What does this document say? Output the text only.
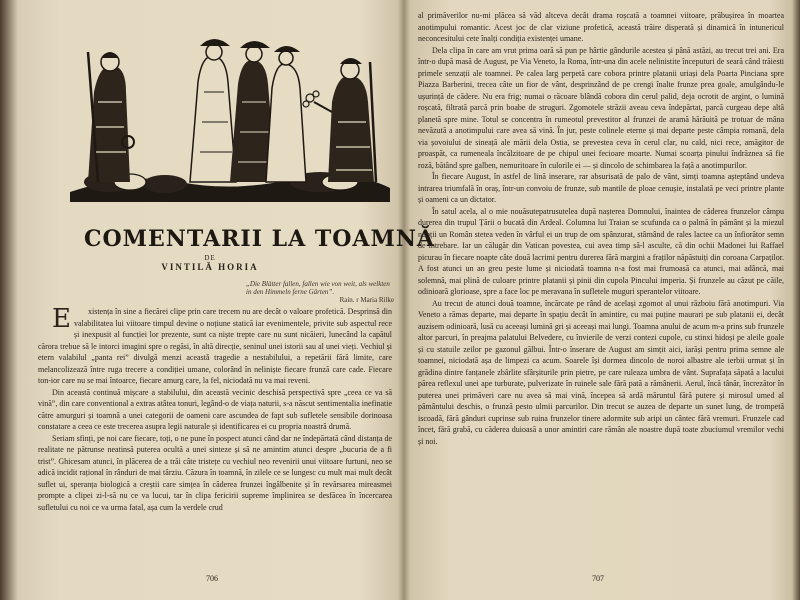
COMENTARII LA TOAMNĂ
DE
VINTILĂ HORIA
„Die Blätter fallen, fallen wie von weit, als welkten in den Himmeln ferne Gärten”.
Rain. r Maria Rilke

Existența în sine a fiecărei clipe prin care trecem nu are decât o valoare profetică. Desprinsă din valabilitatea lui viitoare timpul devine o noțiune statică iar evenimentele, privite sub aspectul rece și inexpusit al funcției lor prezente, sunt ca niște trepte care nu sunt nicăieri, lunecând la capătul cărora trebue să le intorci imagini spre o regăsi, în altă direcție, seninul unei istorii sau al unei vieți. Vechiul și etern valabilul „panta rei” divulgă menzi aceastǎ tragedie a nestabilului, a repetării fără limite, care melancolizează între ruga trecere a condiției umane, colorând în neliniște fiecare frunză care cade. Fiecare ton-ior care nu se mai întoarce, fiecare amurg care, la fel, niciodată nu va mai reveni.

Din această continuă mișcare a stabilului, din această vecinic deschisă perspectivă spre „ceea ce va să vină”, din care conventional a extras atâtea tonuri, legând-o de viața naturii, s-a născut sentimentalia inefinatie către amurguri și toamnă a unei categorii de oameni care ascundea de fapt sub sufletele sensibile dorinoasa constatare a ceea ce este trecerea asupra legii naturale și identificarea ei cu propria noastră drumă.

Seriam sfinți, pe noi care fiecare, toți, o ne pune în pospect atunci când dar ne îndepărtată când distanța de realitate ne pătrunse neatinsă puterea ocultă a unei sinteze și să ne amintim atunci despre „bucuria de a fi trist”. Ghicesam atunci, în plăcerea de a trăi câte tristețe cu vechiul neo revenirii unui viitoare furtuni, neo se adică incidit rațional în rânduri de mai târziu. Căzura în toamnă, în zilele ce se lungesc cu mult mai mult decât suflet ui, speranța biologică a creștii care simțea în căderea frunzei îngălbenite și în revărsarea mireasmei prompte a clipei zi-l-să nu ce va lucui, tar în clipa fericirii supreme împlinirea se desfăcea în încercarea sufletului cu noi ce va urma fatal, așa cum la verdele crud

706

al primăverilor nu-mi plăcea să văd altceva decât drama roșcată a toamnei viitoare, prăbușirea în moartea anotimpului romantic. Acest joc de clar viziune profetică, această trăire disperată și dinamică în intunericul neconcesitului cete înalți condiția existenței umane.

Dela clipa în care am vrut prima oară să pun pe hârtie gândurile acestea și până astăzi, au trecut trei ani. Era într-o după masă de August, pe Via Veneto, la Roma, într-una din acele nelinistite începuturi de seară când trăiesti primele senzații ale toamnei. Pe calea larg perpetă care cobora printre platanii uriași dela Poarta Pinciana spre Piazza Barberini, trecea câte un fior de vânt, desprinzând de pe crengi înalte frunze prea goale, amulgându-le ușurință de cădere. Nu era frig; numai o răcoare blândă cobora din cerul palid, deja ocrotit de argint, o lumină roșcată, filtrată parcă prin boabe de struguri. Zgomotele străzii aveau ceva îndepărtat, parcă curgeau depe altă planetă spre mine. Totul se concentra în rumeotul prevestitor al frunzei de aramă hărăuită pe trotuar de mâna nevăzută a anotimpului care avea să vină. În jur, peste colinele eterne și mai departe peste câmpia romană, dela via șovoiului de sineață ale mării dela Ostia, se prevestea ceva în cerul clar, nu cald, nici rece, amăgitor de proaspăt, ca rumeneala încălzitoare de pe chipul unei fecioare moarte. Numai scoarța pinului îndrăznea să fie roză, bătând spre galben, nemuritoare în culorile ei — și dincolo de schimbarea la față a anotimpurilor.

În fiecare August, în astfel de lină inserare, rar absurisată de palo de vânt, simți toamna așteptând undeva intrarea triumfală în oraș, într-un convoiu de frunze, sub mantile de ploae cenușie, instalată pe veci printre plante și oameni ca un dictator.

În satul acela, al o mie nouăsutepatrusutelea după nașterea Domnului, înaintea de căderea frunzelor câmpu durerea din trupul Țării o bucată din Ardeal. Columna lui Traian se scufunda ca o palmă în pământ și la miezul nopții un Român stetea veden în vârful ei un trup de om spânzurat, stârnând de rales lactee ca un înfiorător semn de întrebare. Iar un călugăr din Vatican povestea, cui avea timp să-l asculte, că din ochii Madonei lui Raffael picurau în fiecare noapte câte două lacrimi pentru durerea fără margini a fraților năpăstuiți din coroana Carpaților. A fost atunci un an greu peste lume și niciodată toamna n-a fost mai frumoasă ca atunci, mai adâncă, mai solemnă, mai plină de culoare printre platanii și pinii din cupola Pincului imperia. Și frunzele au căzut pe căile, odinioară glorioase, spre a face loc pe meravana în sufletele muguri sperantelor viitoare.

Au trecut de atunci două toamne, încărcate pe rând de același zgomot al unui războiu fără anotimpuri. Via Veneto a rămas departe, mai departe în spațiu decât în amintire, cu mai puține maurari pe sub platanii ei, decât auzisem odinioară, lusă cu aceeași lumină gri și aceeași mai lungi. Toamna anului de acum m-a prins sub frunzele altor parcuri, în preajma palatului Belvedere, cu învierile de verzi contezi cupole, cu stinxi hidoși pe aleile goale și cu statuile zeilor pe gazonul gălbui. Într-o înserare de August am simțit aici, iarăși pentru prima semne ale toamnei, niciodată așa de limpezi ca acum. Soarele își dormea dincolo de noroi albastre ale ierbii urmat și în grădina dintre fanțanele zbârlite sfârșiturile prin pietre, pe care ruleaza umbra de vânt. Suprafața săpată a lacului părea reflexul unei ape turburate, pulverizate în ruinele sale fără pată a rămânerii. Aerul, încă tânăr, încrezător în puterea unei primăveri care nu avea să mai vină, începea să ardă măruntul fără putere și mirosul umed al pământului deschis, o frunză pesto ulmii parcurilor. Din trecut se auzea de departe un sunet lung, de trompetă iscoadă, fără gânduri cuprinse sub ruina frunzelor tinere adormite sub aripi un cântec fără vremuri. Frunzele cad încet, fără grabă, cu căderea duioasă a unor amintiri care rămân ale noastre după toate zbuciumul vremilor vechi și noi.

707
